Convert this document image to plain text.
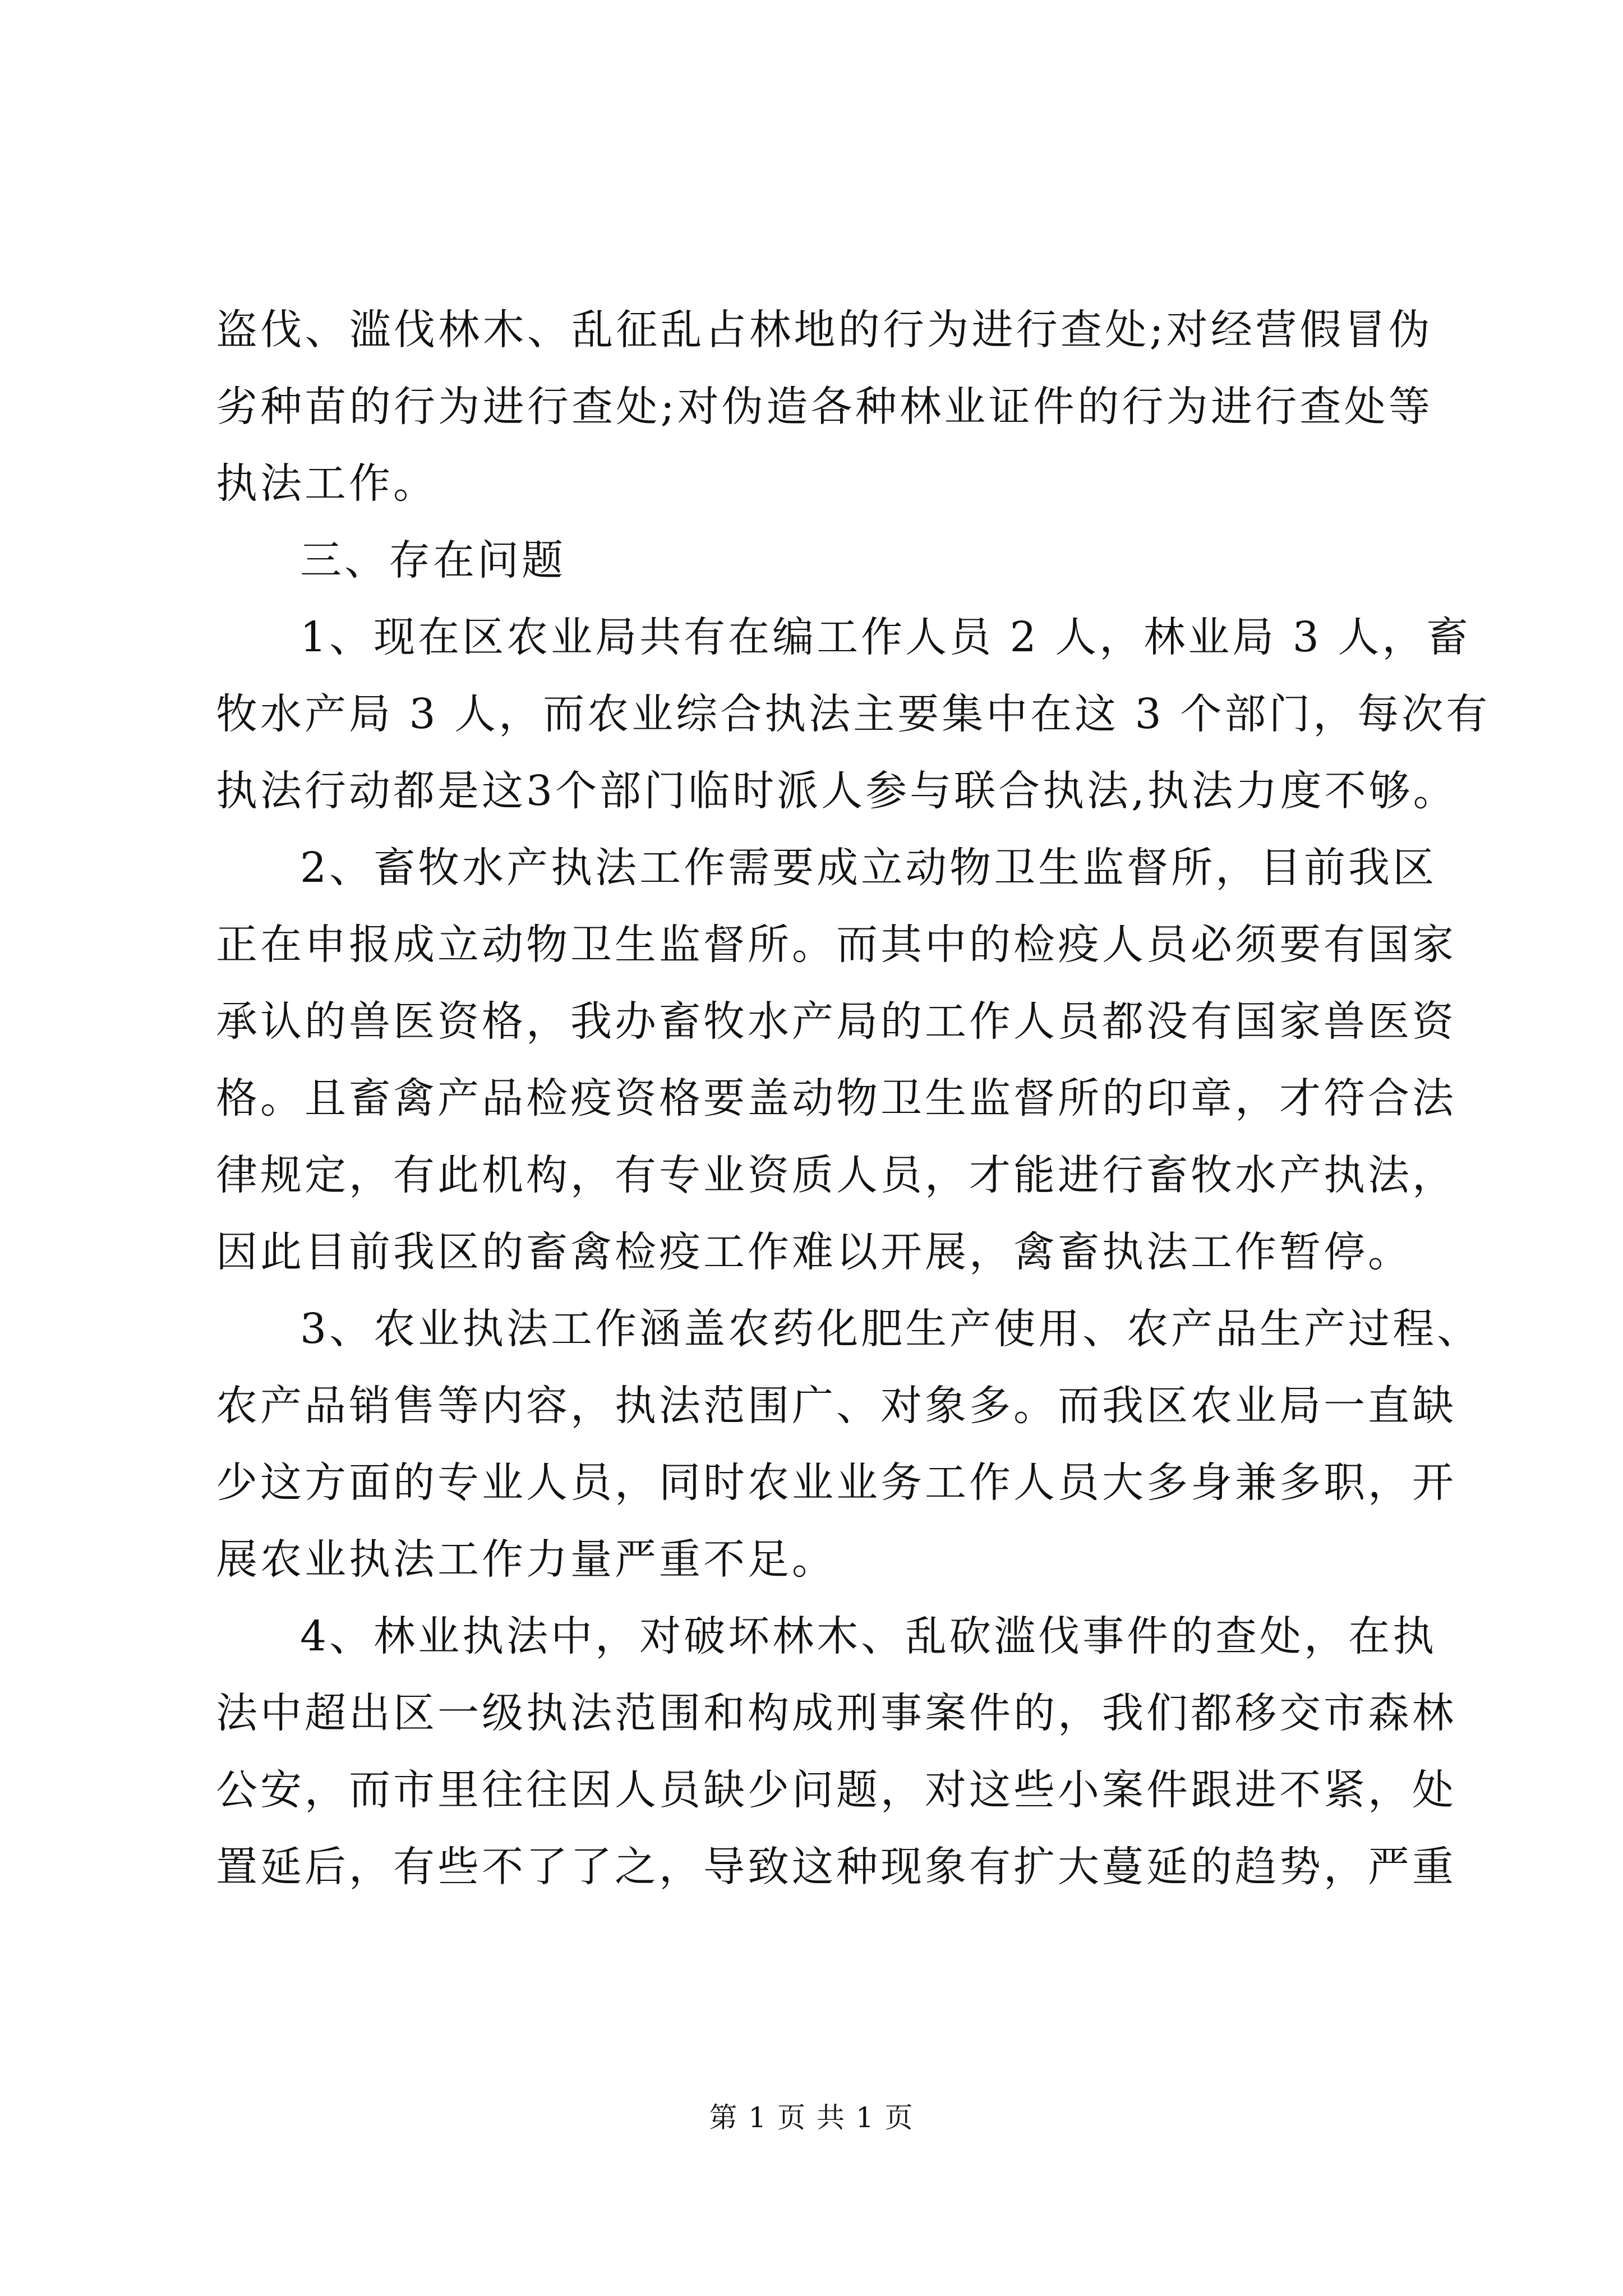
盗伐、滥伐林木、乱征乱占林地的行为进行查处;对经营假冒伪
劣种苗的行为进行查处;对伪造各种林业证件的行为进行查处等
执法工作。
三、存在问题
1、现在区农业局共有在编工作人员 2 人，林业局 3 人，畜
牧水产局 3 人，而农业综合执法主要集中在这 3 个部门，每次有
执法行动都是这3个部门临时派人参与联合执法,执法力度不够。
2、畜牧水产执法工作需要成立动物卫生监督所，目前我区
正在申报成立动物卫生监督所。而其中的检疫人员必须要有国家
承认的兽医资格，我办畜牧水产局的工作人员都没有国家兽医资
格。且畜禽产品检疫资格要盖动物卫生监督所的印章，才符合法
律规定，有此机构，有专业资质人员，才能进行畜牧水产执法，
因此目前我区的畜禽检疫工作难以开展，禽畜执法工作暂停。
3、农业执法工作涵盖农药化肥生产使用、农产品生产过程、
农产品销售等内容，执法范围广、对象多。而我区农业局一直缺
少这方面的专业人员，同时农业业务工作人员大多身兼多职，开
展农业执法工作力量严重不足。
4、林业执法中，对破坏林木、乱砍滥伐事件的查处，在执
法中超出区一级执法范围和构成刑事案件的，我们都移交市森林
公安，而市里往往因人员缺少问题，对这些小案件跟进不紧，处
置延后，有些不了了之，导致这种现象有扩大蔓延的趋势，严重
第 1 页 共 1 页
